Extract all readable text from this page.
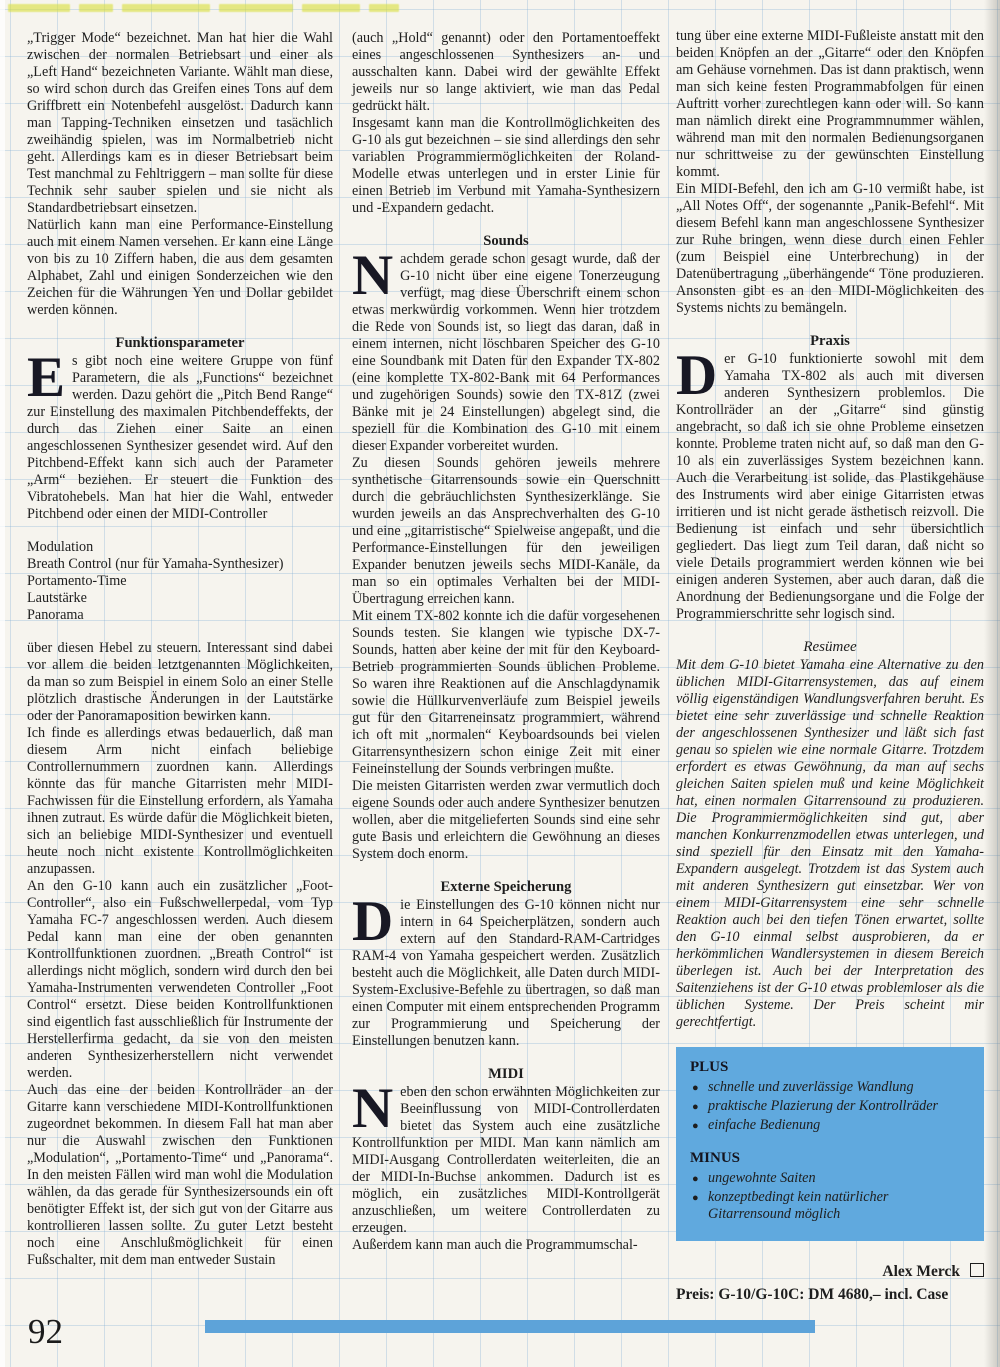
„Trigger Mode“ bezeichnet. Man hat hier die Wahl zwischen der normalen Betriebsart und einer als „Left Hand“ bezeichneten Variante. Wählt man diese, so wird schon durch das Greifen eines Tons auf dem Griffbrett ein Notenbefehl ausgelöst. Dadurch kann man Tapping-Techniken einsetzen und tasächlich zweihändig spielen, was im Normalbetrieb nicht geht. Allerdings kam es in dieser Betriebsart beim Test manchmal zu Fehltriggern – man sollte für diese Technik sehr sauber spielen und sie nicht als Standardbetriebsart einsetzen.

Natürlich kann man eine Performance-Einstellung auch mit einem Namen versehen. Er kann eine Länge von bis zu 10 Ziffern haben, die aus dem gesamten Alphabet, Zahl und einigen Sonderzeichen wie den Zeichen für die Währungen Yen und Dollar gebildet werden können.

Funktionsparameter

Es gibt noch eine weitere Gruppe von fünf Parametern, die als „Functions“ bezeichnet werden. Dazu gehört die „Pitch Bend Range“ zur Einstellung des maximalen Pitchbendeffekts, der durch das Ziehen einer Saite an einen angeschlossenen Synthesizer gesendet wird. Auf den Pitchbend-Effekt kann sich auch der Parameter „Arm“ beziehen. Er steuert die Funktion des Vibratohebels. Man hat hier die Wahl, entweder Pitchbend oder einen der MIDI-Controller

Modulation
Breath Control (nur für Yamaha-Synthesizer)
Portamento-Time
Lautstärke
Panorama

über diesen Hebel zu steuern. Interessant sind dabei vor allem die beiden letztgenannten Möglichkeiten, da man so zum Beispiel in einem Solo an einer Stelle plötzlich drastische Änderungen in der Lautstärke oder der Panoramaposition bewirken kann.

Ich finde es allerdings etwas bedauerlich, daß man diesem Arm nicht einfach beliebige Controllernummern zuordnen kann. Allerdings könnte das für manche Gitarristen mehr MIDI-Fachwissen für die Einstellung erfordern, als Yamaha ihnen zutraut. Es würde dafür die Möglichkeit bieten, sich an beliebige MIDI-Synthesizer und eventuell heute noch nicht existente Kontrollmöglichkeiten anzupassen.

An den G-10 kann auch ein zusätzlicher „Foot-Controller“, also ein Fußschwellerpedal, vom Typ Yamaha FC-7 angeschlossen werden. Auch diesem Pedal kann man eine der oben genannten Kontrollfunktionen zuordnen. „Breath Control“ ist allerdings nicht möglich, sondern wird durch den bei Yamaha-Instrumenten verwendeten Controller „Foot Control“ ersetzt. Diese beiden Kontrollfunktionen sind eigentlich fast ausschließlich für Instrumente der Herstellerfirma gedacht, da sie von den meisten anderen Synthesizerherstellern nicht verwendet werden.

Auch das eine der beiden Kontrollräder an der Gitarre kann verschiedene MIDI-Kontrollfunktionen zugeordnet bekommen. In diesem Fall hat man aber nur die Auswahl zwischen den Funktionen „Modulation“, „Portamento-Time“ und „Panorama“. In den meisten Fällen wird man wohl die Modulation wählen, da das gerade für Synthesizersounds ein oft benötigter Effekt ist, der sich gut von der Gitarre aus kontrollieren lassen sollte. Zu guter Letzt besteht noch eine Anschlußmöglichkeit für einen Fußschalter, mit dem man entweder Sustain

(auch „Hold“ genannt) oder den Portamentoeffekt eines angeschlossenen Synthesizers an- und ausschalten kann. Dabei wird der gewählte Effekt jeweils nur so lange aktiviert, wie man das Pedal gedrückt hält.

Insgesamt kann man die Kontrollmöglichkeiten des G-10 als gut bezeichnen – sie sind allerdings den sehr variablen Programmiermöglichkeiten der Roland-Modelle etwas unterlegen und in erster Linie für einen Betrieb im Verbund mit Yamaha-Synthesizern und -Expandern gedacht.

Sounds

Nachdem gerade schon gesagt wurde, daß der G-10 nicht über eine eigene Tonerzeugung verfügt, mag diese Überschrift einem schon etwas merkwürdig vorkommen. Wenn hier trotzdem die Rede von Sounds ist, so liegt das daran, daß in einem internen, nicht löschbaren Speicher des G-10 eine Soundbank mit Daten für den Expander TX-802 (eine komplette TX-802-Bank mit 64 Performances und zugehörigen Sounds) sowie den TX-81Z (zwei Bänke mit je 24 Einstellungen) abgelegt sind, die speziell für die Kombination des G-10 mit einem dieser Expander vorbereitet wurden.

Zu diesen Sounds gehören jeweils mehrere synthetische Gitarrensounds sowie ein Querschnitt durch die gebräuchlichsten Synthesizerklänge. Sie wurden jeweils an das Ansprechverhalten des G-10 und eine „gitarristische“ Spielweise angepaßt, und die Performance-Einstellungen für den jeweiligen Expander benutzen jeweils sechs MIDI-Kanäle, da man so ein optimales Verhalten bei der MIDI-Übertragung erreichen kann.

Mit einem TX-802 konnte ich die dafür vorgesehenen Sounds testen. Sie klangen wie typische DX-7-Sounds, hatten aber keine der mit für den Keyboard-Betrieb programmierten Sounds üblichen Probleme. So waren ihre Reaktionen auf die Anschlagdynamik sowie die Hüllkurvenverläufe zum Beispiel jeweils gut für den Gitarreneinsatz programmiert, während ich oft mit „normalen“ Keyboardsounds bei vielen Gitarrensynthesizern schon einige Zeit mit einer Feineinstellung der Sounds verbringen mußte.

Die meisten Gitarristen werden zwar vermutlich doch eigene Sounds oder auch andere Synthesizer benutzen wollen, aber die mitgelieferten Sounds sind eine sehr gute Basis und erleichtern die Gewöhnung an dieses System doch enorm.

Externe Speicherung

Die Einstellungen des G-10 können nicht nur intern in 64 Speicherplätzen, sondern auch extern auf den Standard-RAM-Cartridges RAM-4 von Yamaha gespeichert werden. Zusätzlich besteht auch die Möglichkeit, alle Daten durch MIDI-System-Exclusive-Befehle zu übertragen, so daß man einen Computer mit einem entsprechenden Programm zur Programmierung und Speicherung der Einstellungen benutzen kann.

MIDI

Neben den schon erwähnten Möglichkeiten zur Beeinflussung von MIDI-Controllerdaten bietet das System auch eine zusätzliche Kontrollfunktion per MIDI. Man kann nämlich am MIDI-Ausgang Controllerdaten weiterleiten, die an der MIDI-In-Buchse ankommen. Dadurch ist es möglich, ein zusätzliches MIDI-Kontrollgerät anzuschließen, um weitere Controllerdaten zu erzeugen.

Außerdem kann man auch die Programmumschal-

tung über eine externe MIDI-Fußleiste anstatt mit den beiden Knöpfen an der „Gitarre“ oder den Knöpfen am Gehäuse vornehmen. Das ist dann praktisch, wenn man sich keine festen Programmabfolgen für einen Auftritt vorher zurechtlegen kann oder will. So kann man nämlich direkt eine Programmnummer wählen, während man mit den normalen Bedienungsorganen nur schrittweise zu der gewünschten Einstellung kommt.

Ein MIDI-Befehl, den ich am G-10 vermißt habe, ist „All Notes Off“, der sogenannte „Panik-Befehl“. Mit diesem Befehl kann man angeschlossene Synthesizer zur Ruhe bringen, wenn diese durch einen Fehler (zum Beispiel eine Unterbrechung) in der Datenübertragung „überhängende“ Töne produzieren. Ansonsten gibt es an den MIDI-Möglichkeiten des Systems nichts zu bemängeln.

Praxis

Der G-10 funktionierte sowohl mit dem Yamaha TX-802 als auch mit diversen anderen Synthesizern problemlos. Die Kontrollräder an der „Gitarre“ sind günstig angebracht, so daß ich sie ohne Probleme einsetzen konnte. Probleme traten nicht auf, so daß man den G-10 als ein zuverlässiges System bezeichnen kann. Auch die Verarbeitung ist solide, das Plastikgehäuse des Instruments wird aber einige Gitarristen etwas irritieren und ist nicht gerade ästhetisch reizvoll. Die Bedienung ist einfach und sehr übersichtlich gegliedert. Das liegt zum Teil daran, daß nicht so viele Details programmiert werden können wie bei einigen anderen Systemen, aber auch daran, daß die Anordnung der Bedienungsorgane und die Folge der Programmierschritte sehr logisch sind.

Resümee

Mit dem G-10 bietet Yamaha eine Alternative zu den üblichen MIDI-Gitarrensystemen, das auf einem völlig eigenständigen Wandlungsverfahren beruht. Es bietet eine sehr zuverlässige und schnelle Reaktion der angeschlossenen Synthesizer und läßt sich fast genau so spielen wie eine normale Gitarre. Trotzdem erfordert es etwas Gewöhnung, da man auf sechs gleichen Saiten spielen muß und keine Möglichkeit hat, einen normalen Gitarrensound zu produzieren. Die Programmiermöglichkeiten sind gut, aber manchen Konkurrenzmodellen etwas unterlegen, und sind speziell für den Einsatz mit den Yamaha-Expandern ausgelegt. Trotzdem ist das System auch mit anderen Synthesizern gut einsetzbar. Wer von einem MIDI-Gitarrensystem eine sehr schnelle Reaktion auch bei den tiefen Tönen erwartet, sollte den G-10 einmal selbst ausprobieren, da er herkömmlichen Wandlersystemen in diesem Bereich überlegen ist. Auch bei der Interpretation des Saitenziehens ist der G-10 etwas problemloser als die üblichen Systeme. Der Preis scheint mir gerechtfertigt.

PLUS
● schnelle und zuverlässige Wandlung
● praktische Plazierung der Kontrollräder
● einfache Bedienung
MINUS
● ungewohnte Saiten
● konzeptbedingt kein natürlicher Gitarrensound möglich

Alex Merck

Preis: G-10/G-10C: DM 4680,– incl. Case

92
